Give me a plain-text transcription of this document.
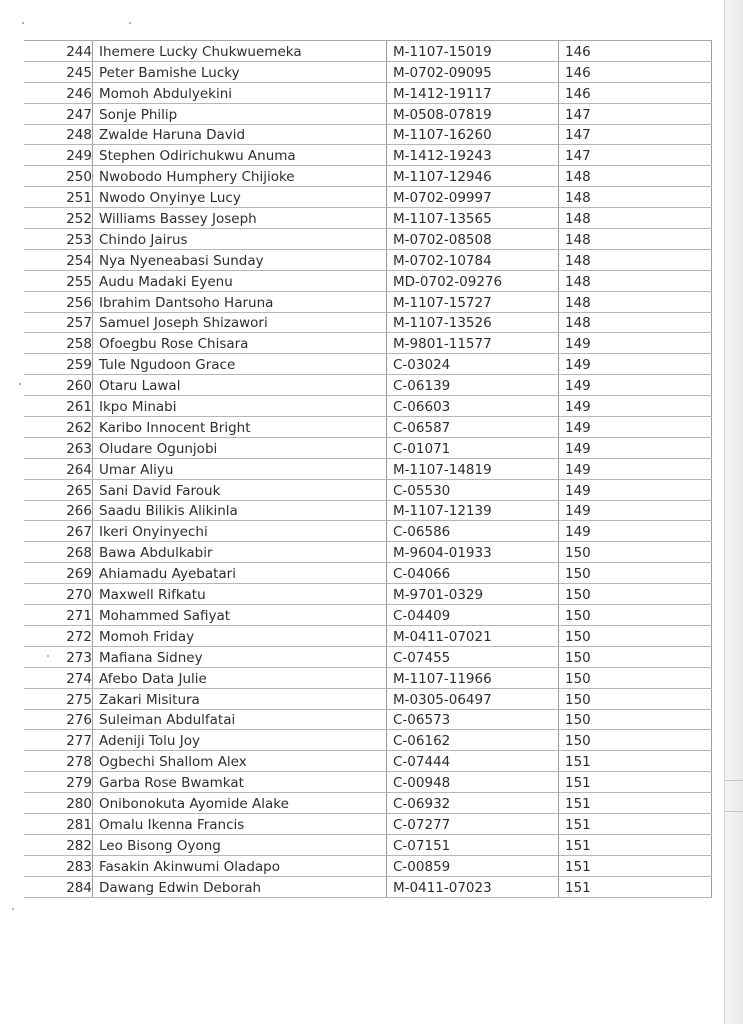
244	Ihemere Lucky Chukwuemeka	M-1107-15019	146
245	Peter Bamishe Lucky	M-0702-09095	146
246	Momoh Abdulyekini	M-1412-19117	146
247	Sonje Philip	M-0508-07819	147
248	Zwalde Haruna David	M-1107-16260	147
249	Stephen Odirichukwu Anuma	M-1412-19243	147
250	Nwobodo Humphery Chijioke	M-1107-12946	148
251	Nwodo Onyinye Lucy	M-0702-09997	148
252	Williams Bassey Joseph	M-1107-13565	148
253	Chindo Jairus	M-0702-08508	148
254	Nya Nyeneabasi Sunday	M-0702-10784	148
255	Audu Madaki Eyenu	MD-0702-09276	148
256	Ibrahim Dantsoho Haruna	M-1107-15727	148
257	Samuel Joseph Shizawori	M-1107-13526	148
258	Ofoegbu Rose Chisara	M-9801-11577	149
259	Tule Ngudoon Grace	C-03024	149
260	Otaru Lawal	C-06139	149
261	Ikpo Minabi	C-06603	149
262	Karibo Innocent Bright	C-06587	149
263	Oludare Ogunjobi	C-01071	149
264	Umar Aliyu	M-1107-14819	149
265	Sani David Farouk	C-05530	149
266	Saadu Bilikis Alikinla	M-1107-12139	149
267	Ikeri Onyinyechi	C-06586	149
268	Bawa Abdulkabir	M-9604-01933	150
269	Ahiamadu Ayebatari	C-04066	150
270	Maxwell Rifkatu	M-9701-0329	150
271	Mohammed Safiyat	C-04409	150
272	Momoh Friday	M-0411-07021	150
273	Mafiana Sidney	C-07455	150
274	Afebo Data Julie	M-1107-11966	150
275	Zakari Misitura	M-0305-06497	150
276	Suleiman Abdulfatai	C-06573	150
277	Adeniji Tolu Joy	C-06162	150
278	Ogbechi Shallom Alex	C-07444	151
279	Garba Rose Bwamkat	C-00948	151
280	Onibonokuta Ayomide Alake	C-06932	151
281	Omalu Ikenna Francis	C-07277	151
282	Leo Bisong Oyong	C-07151	151
283	Fasakin Akinwumi Oladapo	C-00859	151
284	Dawang Edwin Deborah	M-0411-07023	151
